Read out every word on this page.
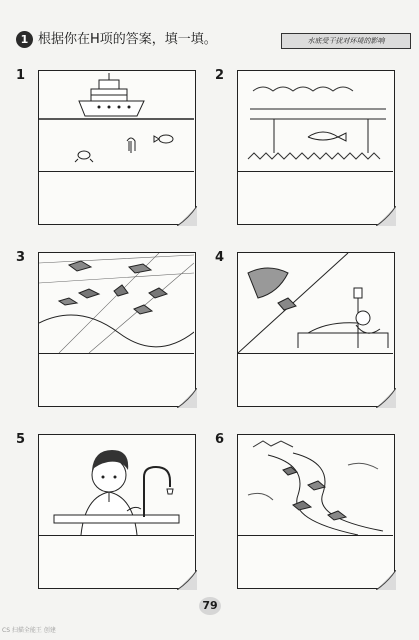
1 根据你在H项的答案，填一填。	水底受干扰对环境的影响
1	2
3	4
5	6
79
CS 扫描全能王 创建
